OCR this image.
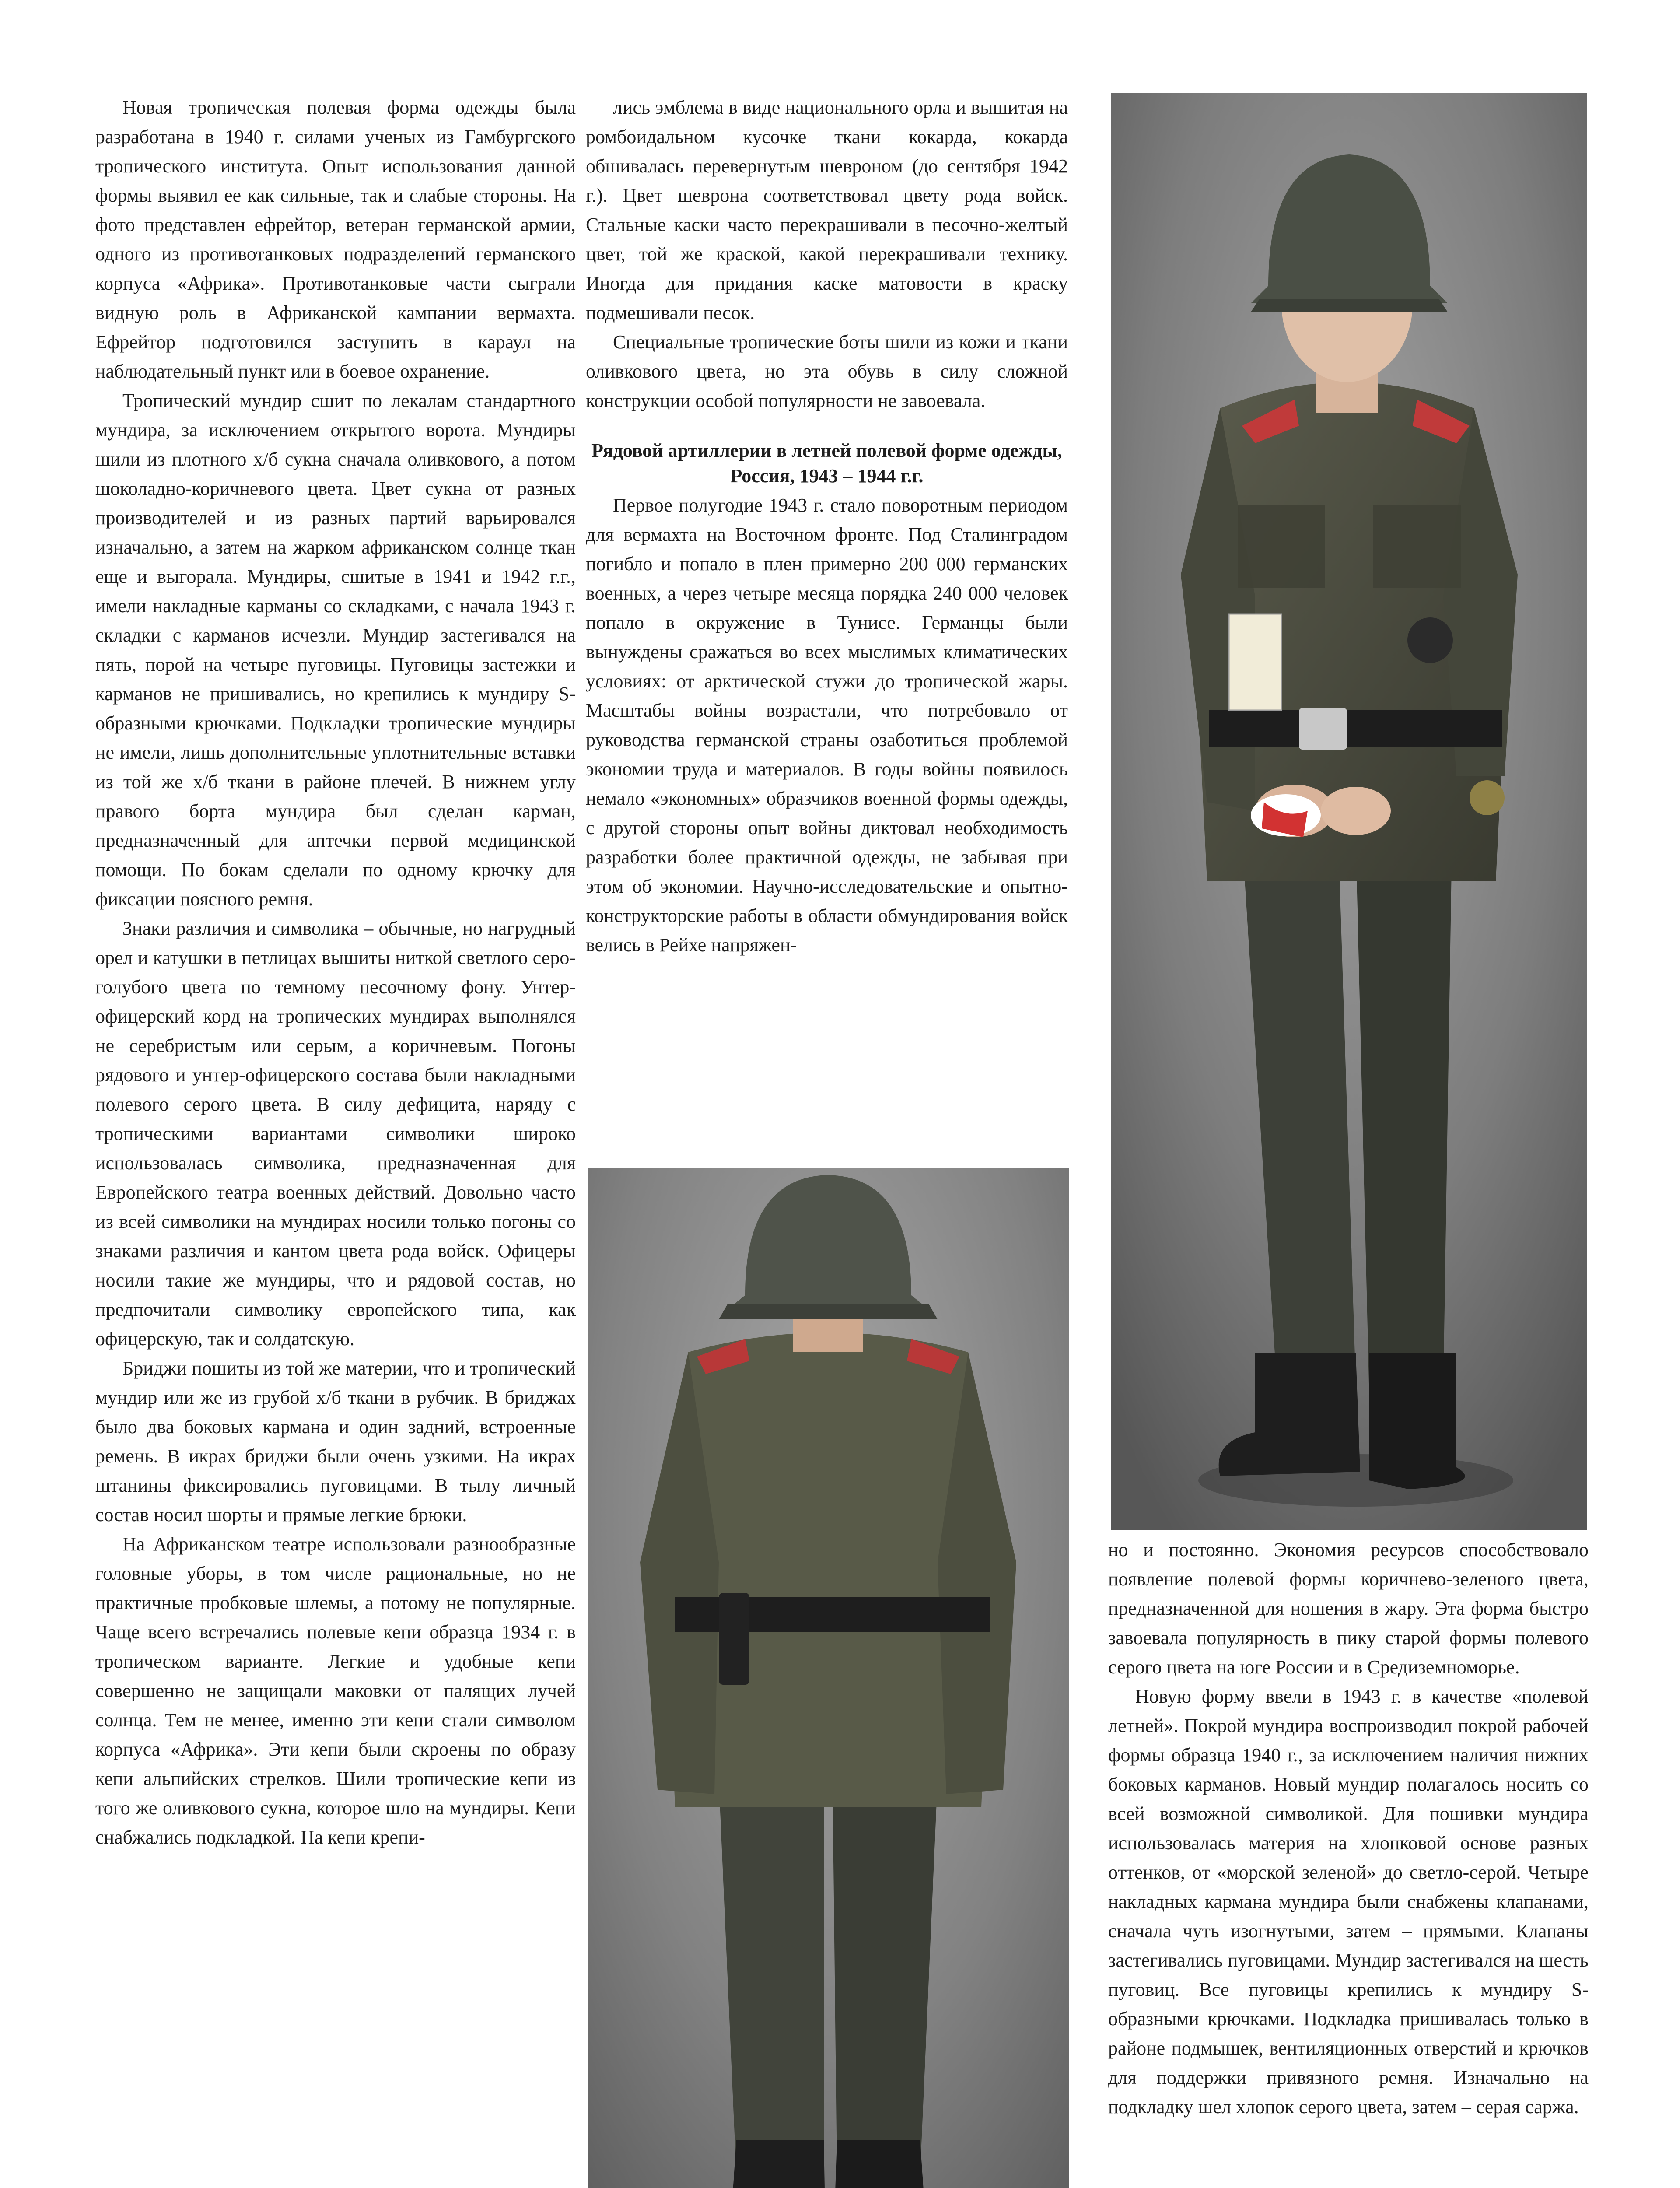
Новая тропическая полевая форма одежды была разработана в 1940 г. силами ученых из Гамбургского тропического института. Опыт использования данной формы выявил ее как сильные, так и слабые стороны. На фото представлен ефрейтор, ветеран германской армии, одного из противотанковых подразделений германского корпуса «Африка». Противотанковые части сыграли видную роль в Африканской кампании вермахта. Ефрейтор подготовился заступить в караул на наблюдательный пункт или в боевое охранение.

Тропический мундир сшит по лекалам стандартного мундира, за исключением открытого ворота. Мундиры шили из плотного х/б сукна сначала оливкового, а потом шоколадно-коричневого цвета. Цвет сукна от разных производителей и из разных партий варьировался изначально, а затем на жарком африканском солнце ткан еще и выгорала. Мундиры, сшитые в 1941 и 1942 г.г., имели накладные карманы со складками, с начала 1943 г. складки с карманов исчезли. Мундир застегивался на пять, порой на четыре пуговицы. Пуговицы застежки и карманов не пришивались, но крепились к мундиру S-образными крючками. Подкладки тропические мундиры не имели, лишь дополнительные уплотнительные вставки из той же х/б ткани в районе плечей. В нижнем углу правого борта мундира был сделан карман, предназначенный для аптечки первой медицинской помощи. По бокам сделали по одному крючку для фиксации поясного ремня.

Знаки различия и символика – обычные, но нагрудный орел и катушки в петлицах вышиты ниткой светлого серо-голубого цвета по темному песочному фону. Унтер-офицерский корд на тропических мундирах выполнялся не серебристым или серым, а коричневым. Погоны рядового и унтер-офицерского состава были накладными полевого серого цвета. В силу дефицита, наряду с тропическими вариантами символики широко использовалась символика, предназначенная для Европейского театра военных действий. Довольно часто из всей символики на мундирах носили только погоны со знаками различия и кантом цвета рода войск. Офицеры носили такие же мундиры, что и рядовой состав, но предпочитали символику европейского типа, как офицерскую, так и солдатскую.

Бриджи пошиты из той же материи, что и тропический мундир или же из грубой х/б ткани в рубчик. В бриджах было два боковых кармана и один задний, встроенные ремень. В икрах бриджи были очень узкими. На икрах штанины фиксировались пуговицами. В тылу личный состав носил шорты и прямые легкие брюки.

На Африканском театре использовали разнообразные головные уборы, в том числе рациональные, но не практичные пробковые шлемы, а потому не популярные. Чаще всего встречались полевые кепи образца 1934 г. в тропическом варианте. Легкие и удобные кепи совершенно не защищали маковки от палящих лучей солнца. Тем не менее, именно эти кепи стали символом корпуса «Африка». Эти кепи были скроены по образу кепи альпийских стрелков. Шили тропические кепи из того же оливкового сукна, которое шло на мундиры. Кепи снабжались подкладкой. На кепи крепи-

лись эмблема в виде национального орла и вышитая на ромбоидальном кусочке ткани кокарда, кокарда обшивалась перевернутым шевроном (до сентября 1942 г.). Цвет шеврона соответствовал цвету рода войск. Стальные каски часто перекрашивали в песочно-желтый цвет, той же краской, какой перекрашивали технику. Иногда для придания каске матовости в краску подмешивали песок.

Специальные тропические боты шили из кожи и ткани оливкового цвета, но эта обувь в силу сложной конструкции особой популярности не завоевала.

Рядовой артиллерии в летней полевой форме одежды, Россия, 1943 – 1944 г.г.

Первое полугодие 1943 г. стало поворотным периодом для вермахта на Восточном фронте. Под Сталинградом погибло и попало в плен примерно 200 000 германских военных, а через четыре месяца порядка 240 000 человек попало в окружение в Тунисе. Германцы были вынуждены сражаться во всех мыслимых климатических условиях: от арктической стужи до тропической жары. Масштабы войны возрастали, что потребовало от руководства германской страны озаботиться проблемой экономии труда и материалов. В годы войны появилось немало «экономных» образчиков военной формы одежды, с другой стороны опыт войны диктовал необходимость разработки более практичной одежды, не забывая при этом об экономии. Научно-исследовательские и опытно-конструкторские работы в области обмундирования войск велись в Рейхе напряжен-

но и постоянно. Экономия ресурсов способствовало появление полевой формы коричнево-зеленого цвета, предназначенной для ношения в жару. Эта форма быстро завоевала популярность в пику старой формы полевого серого цвета на юге России и в Средиземноморье.

Новую форму ввели в 1943 г. в качестве «полевой летней». Покрой мундира воспроизводил покрой рабочей формы образца 1940 г., за исключением наличия нижних боковых карманов. Новый мундир полагалось носить со всей возможной символикой. Для пошивки мундира использовалась материя на хлопковой основе разных оттенков, от «морской зеленой» до светло-серой. Четыре накладных кармана мундира были снабжены клапанами, сначала чуть изогнутыми, затем – прямыми. Клапаны застегивались пуговицами. Мундир застегивался на шесть пуговиц. Все пуговицы крепились к мундиру S-образными крючками. Подкладка пришивалась только в районе подмышек, вентиляционных отверстий и крючков для поддержки привязного ремня. Изначально на подкладку шел хлопок серого цвета, затем – серая саржа.
